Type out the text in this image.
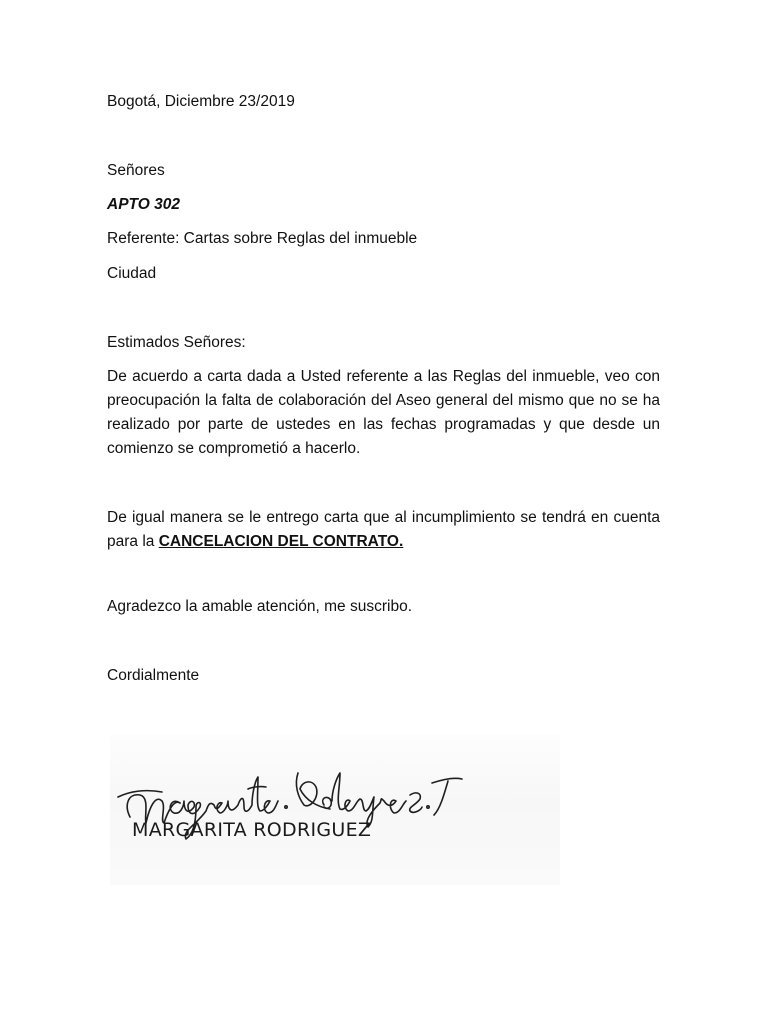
Bogotá, Diciembre 23/2019
Señores
APTO 302
Referente: Cartas sobre Reglas del inmueble
Ciudad
Estimados Señores:
De acuerdo a carta dada a Usted referente a las Reglas del inmueble, veo con preocupación la falta de colaboración del Aseo general del mismo que no se ha realizado por parte de ustedes en las fechas programadas y que desde un comienzo se comprometió a hacerlo.
De igual manera se le entrego carta que al incumplimiento se tendrá en cuenta para la CANCELACION DEL CONTRATO.
Agradezco la amable atención, me suscribo.
Cordialmente
MARGARITA RODRIGUEZ
